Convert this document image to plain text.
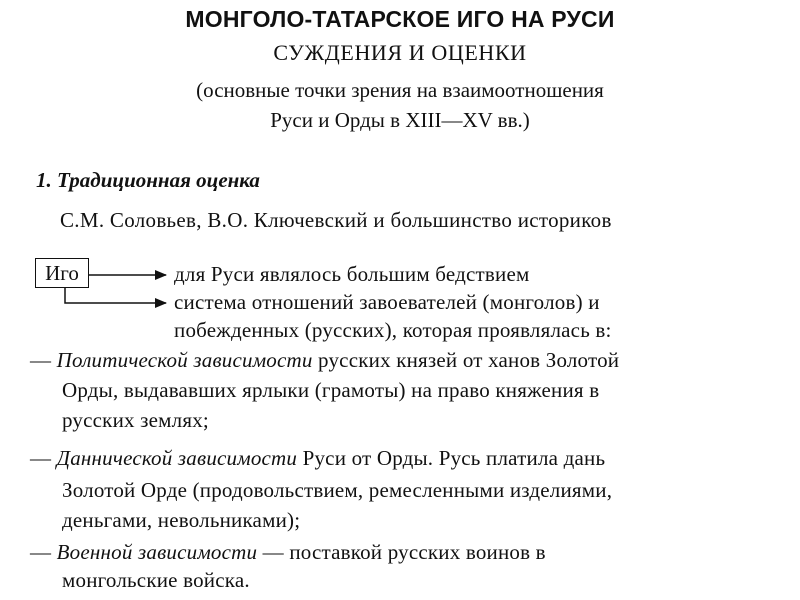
МОНГОЛО-ТАТАРСКОЕ ИГО НА РУСИ
СУЖДЕНИЯ И ОЦЕНКИ
(основные точки зрения на взаимоотношения
Руси и Орды в XIII—XV вв.)
1. Традиционная оценка
С.М. Соловьев, В.О. Ключевский и большинство историков
Иго	для Руси являлось большим бедствием
система отношений завоевателей (монголов) и
побежденных (русских), которая проявлялась в:
— Политической зависимости русских князей от ханов Золотой
Орды, выдававших ярлыки (грамоты) на право княжения в
русских землях;
— Даннической зависимости Руси от Орды. Русь платила дань
Золотой Орде (продовольствием, ремесленными изделиями,
деньгами, невольниками);
— Военной зависимости — поставкой русских воинов в
монгольские войска.
